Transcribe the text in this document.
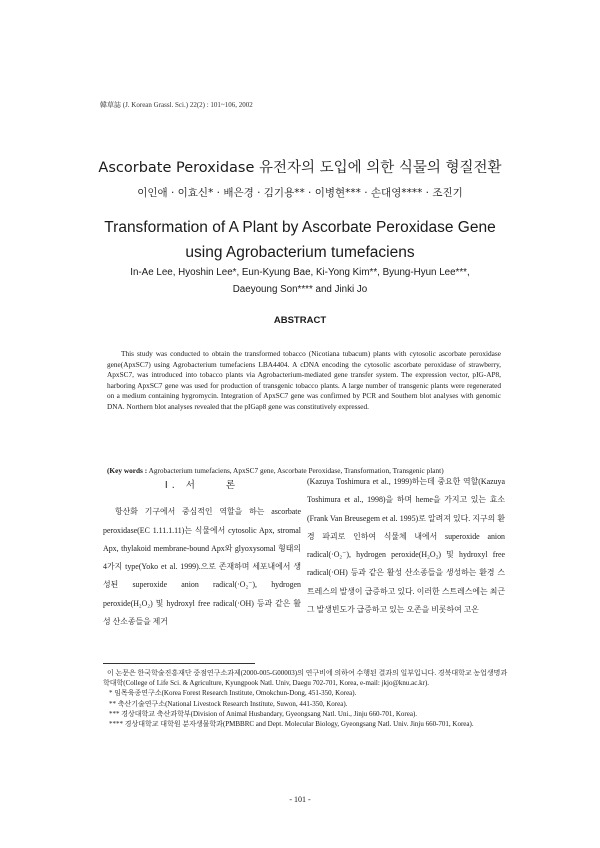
韓草誌 (J. Korean Grassl. Sci.) 22(2) : 101~106, 2002
Ascorbate Peroxidase 유전자의 도입에 의한 식물의 형질전환
이인애 · 이효신* · 배은경 · 김기용** · 이병현*** · 손대영**** · 조진기
Transformation of A Plant by Ascorbate Peroxidase Gene
using Agrobacterium tumefaciens
In-Ae Lee, Hyoshin Lee*, Eun-Kyung Bae, Ki-Yong Kim**, Byung-Hyun Lee***,
Daeyoung Son**** and Jinki Jo
ABSTRACT
This study was conducted to obtain the transformed tobacco (Nicotiana tubacum) plants with cytosolic ascorbate peroxidase gene(ApxSC7) using Agrobacterium tumefaciens LBA4404. A cDNA encoding the cytosolic ascorbate peroxidase of strawberry, ApxSC7, was introduced into tobacco plants via Agrobacterium-mediated gene transfer system. The expression vector, pIG-AP8, harboring ApxSC7 gene was used for production of transgenic tobacco plants. A large number of transgenic plants were regenerated on a medium containing hygromycin. Integration of ApxSC7 gene was confirmed by PCR and Southern blot analyses with genomic DNA. Northern blot analyses revealed that the pIGap8 gene was constitutively expressed.
(Key words : Agrobacterium tumefaciens, ApxSC7 gene, Ascorbate Peroxidase, Transformation, Transgenic plant)
Ⅰ. 서　　론

항산화 기구에서 중심적인 역할을 하는 ascorbate peroxidase(EC 1.11.1.11)는 식물에서 cytosolic Apx, stromal Apx, thylakoid membrane-bound Apx와 glyoxysomal 형태의 4가지 type(Yoko et al. 1999).으로 존재하며 세포내에서 생성된 superoxide anion radical(·O₂⁻), hydrogen peroxide(H₂O₂) 및 hydroxyl free radical(·OH) 등과 같은 활성 산소종들을 제거

(Kazuya Toshimura et al., 1999)하는데 중요한 역할(Kazuya Toshimura et al., 1998)을 하며 heme을 가지고 있는 효소(Frank Van Breusegem et al. 1995)로 알려져 있다. 지구의 환경 파괴로 인하여 식물체 내에서 superoxide anion radical(·O₂⁻), hydrogen peroxide(H₂O₂) 및 hydroxyl free radical(·OH) 등과 같은 활성 산소종들을 생성하는 환경 스트레스의 발생이 급증하고 있다. 이러한 스트레스에는 최근 그 발생빈도가 급증하고 있는 오존을 비롯하여 고온

이 논문은 한국학술진흥재단 중점연구소과제(2000-005-G00003)의 연구비에 의하여 수행된 결과의 일부입니다. 경북대학교 농업생명과학대학(College of Life Sci. & Agriculture, Kyungpook Natl. Univ, Daegu 702-701, Korea, e-mail: jkjo@knu.ac.kr).
* 임목육종연구소(Korea Forest Research Institute, Omokchun-Dong, 451-350, Korea).
** 축산기술연구소(National Livestock Research Institute, Suwon, 441-350, Korea).
*** 경상대학교 축산과학부(Division of Animal Husbandary, Gyeongsang Natl. Uni., Jinju 660-701, Korea).
**** 경상대학교 대학원 분자생물학과(PMBBRC and Dept. Molecular Biology, Gyeongsang Natl. Univ. Jinju 660-701, Korea).
- 101 -
